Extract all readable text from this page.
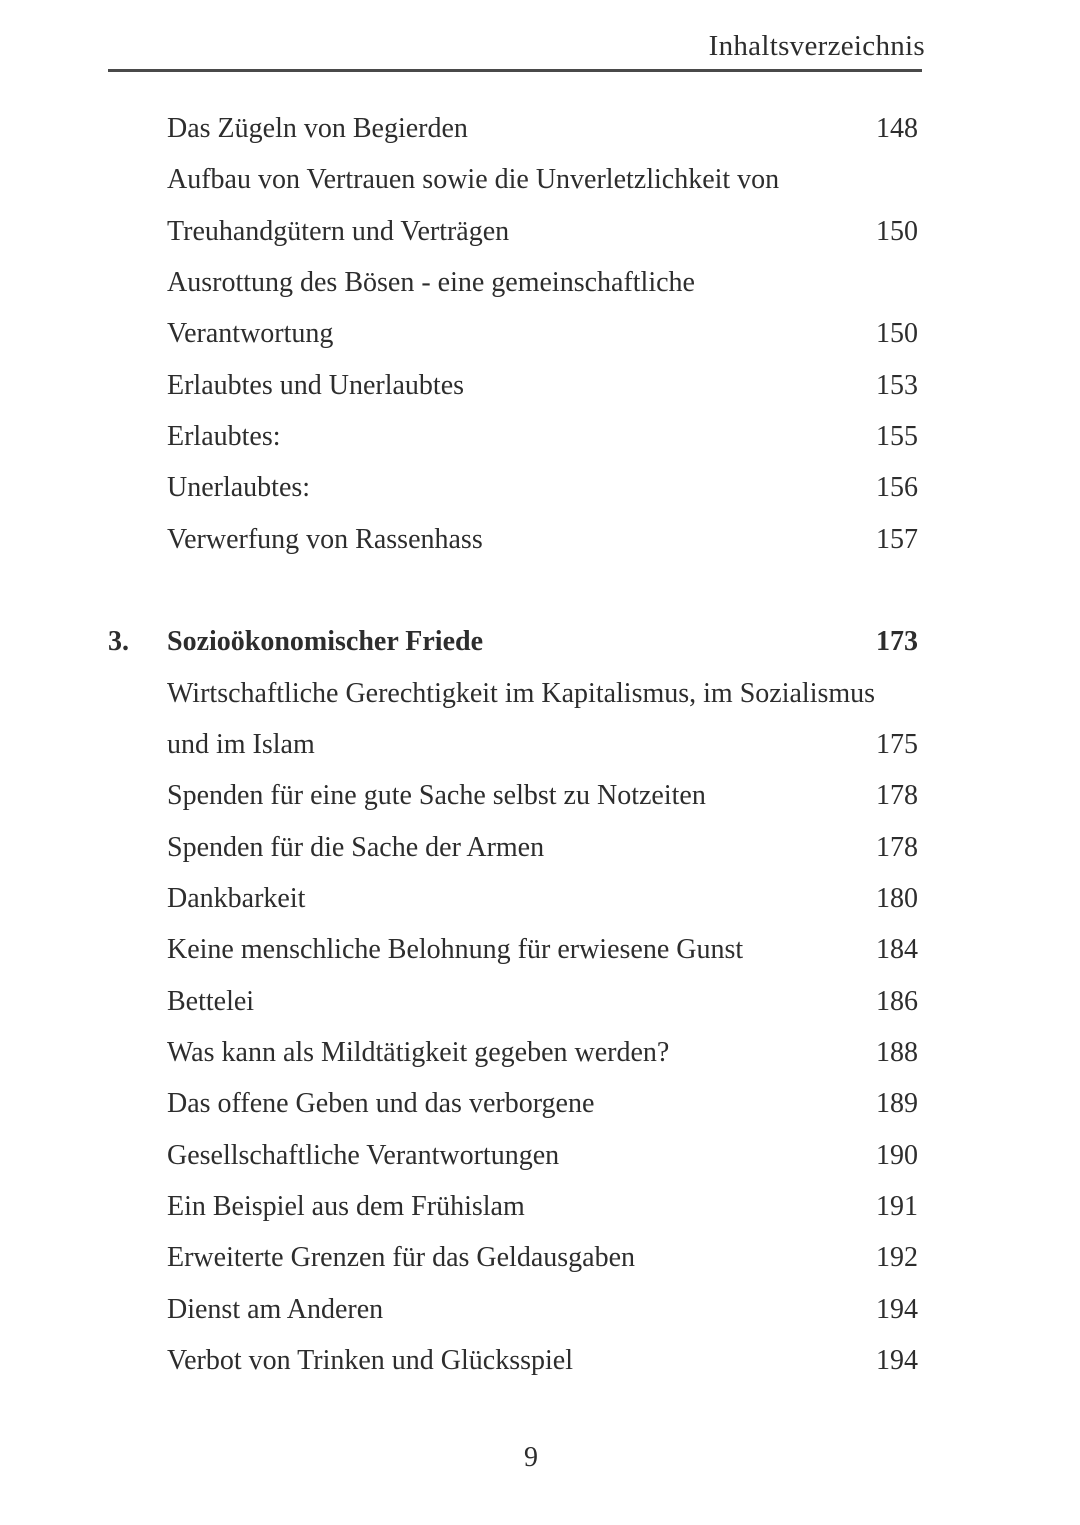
Inhaltsverzeichnis
Das Zügeln von Begierden	148
Aufbau von Vertrauen sowie die Unverletzlichkeit von
Treuhandgütern und Verträgen	150
Ausrottung des Bösen - eine gemeinschaftliche
Verantwortung	150
Erlaubtes und Unerlaubtes	153
Erlaubtes:	155
Unerlaubtes:	156
Verwerfung von Rassenhass	157
3. Sozioökonomischer Friede	173
Wirtschaftliche Gerechtigkeit im Kapitalismus, im Sozialismus
und im Islam	175
Spenden für eine gute Sache selbst zu Notzeiten	178
Spenden für die Sache der Armen	178
Dankbarkeit	180
Keine menschliche Belohnung für erwiesene Gunst	184
Bettelei	186
Was kann als Mildtätigkeit gegeben werden?	188
Das offene Geben und das verborgene	189
Gesellschaftliche Verantwortungen	190
Ein Beispiel aus dem Frühislam	191
Erweiterte Grenzen für das Geldausgaben	192
Dienst am Anderen	194
Verbot von Trinken und Glücksspiel	194
9
